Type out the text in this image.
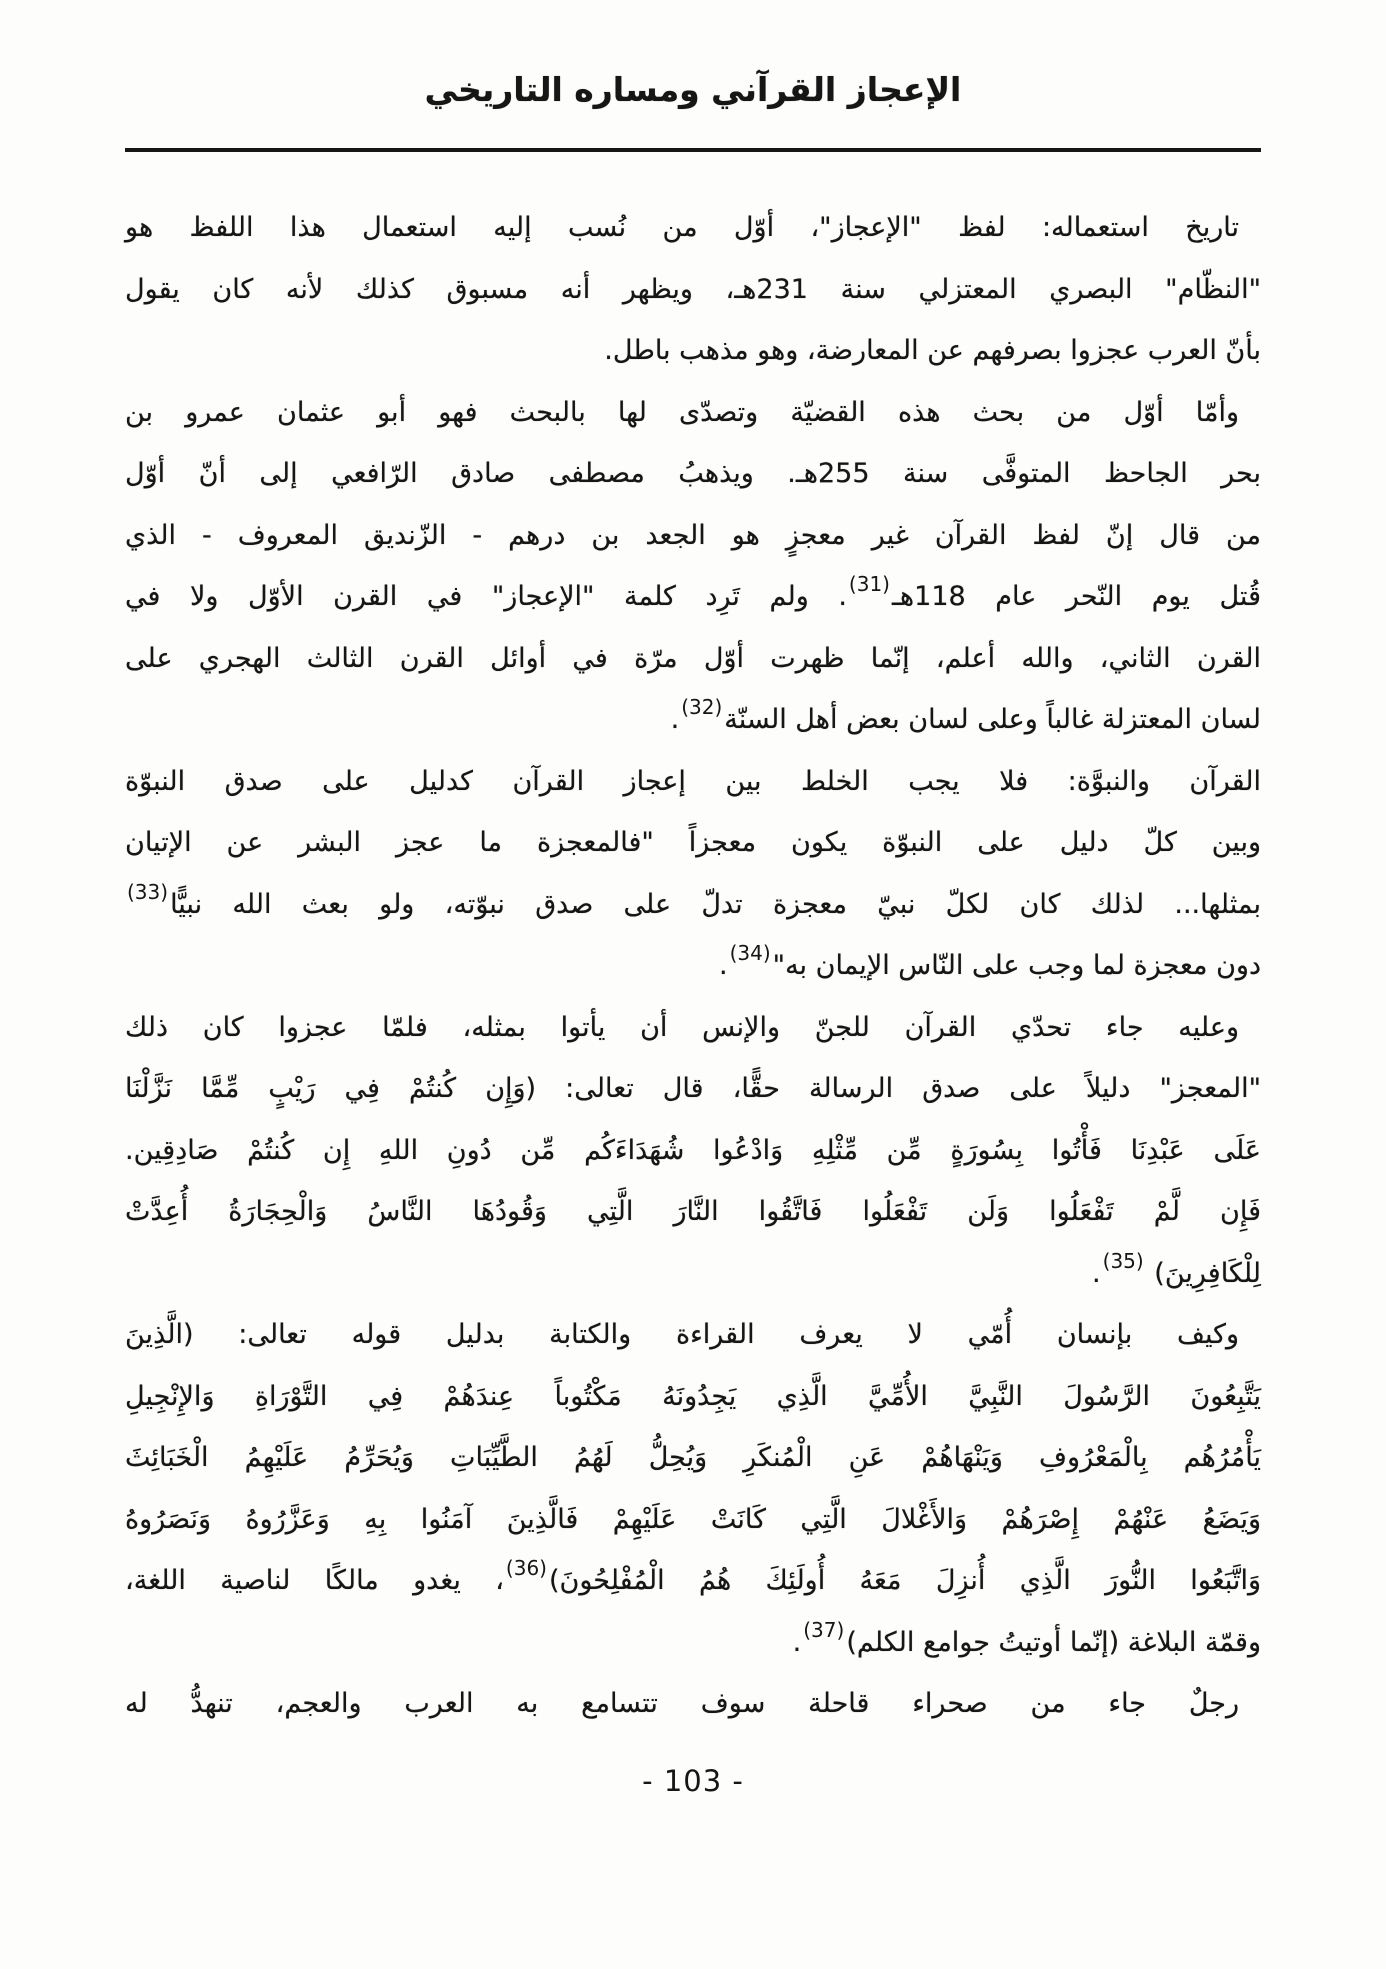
الإعجاز القرآني ومساره التاريخي
تاريخ استعماله: لفظ "الإعجاز"، أوّل من نُسب إليه استعمال هذا اللفظ هو
"النظّام" البصري المعتزلي سنة 231هـ، ويظهر أنه مسبوق كذلك لأنه كان يقول
بأنّ العرب عجزوا بصرفهم عن المعارضة، وهو مذهب باطل.
وأمّا أوّل من بحث هذه القضيّة وتصدّى لها بالبحث فهو أبو عثمان عمرو بن
بحر الجاحظ المتوفَّى سنة 255هـ. ويذهبُ مصطفى صادق الرّافعي إلى أنّ أوّل
من قال إنّ لفظ القرآن غير معجزٍ هو الجعد بن درهم - الزّنديق المعروف - الذي
قُتل يوم النّحر عام 118هـ$^{(31)}$. ولم تَرِد كلمة "الإعجاز" في القرن الأوّل ولا في
القرن الثاني، والله أعلم، إنّما ظهرت أوّل مرّة في أوائل القرن الثالث الهجري على
لسان المعتزلة غالباً وعلى لسان بعض أهل السنّة$^{(32)}$.
القرآن والنبوَّة: فلا يجب الخلط بين إعجاز القرآن كدليل على صدق النبوّة
وبين كلّ دليل على النبوّة يكون معجزاً "فالمعجزة ما عجز البشر عن الإتيان
بمثلها... لذلك كان لكلّ نبيّ معجزة تدلّ على صدق نبوّته، ولو بعث الله نبيًّا$^{(33)}$
دون معجزة لما وجب على النّاس الإيمان به"$^{(34)}$.
وعليه جاء تحدّي القرآن للجنّ والإنس أن يأتوا بمثله، فلمّا عجزوا كان ذلك
"المعجز" دليلاً على صدق الرسالة حقًّا، قال تعالى: (وَإِن كُنتُمْ فِي رَيْبٍ مِّمَّا نَزَّلْنَا
عَلَى عَبْدِنَا فَأْتُوا بِسُورَةٍ مِّن مِّثْلِهِ وَادْعُوا شُهَدَاءَكُم مِّن دُونِ اللهِ إِن كُنتُمْ صَادِقِين.
فَإِن لَّمْ تَفْعَلُوا وَلَن تَفْعَلُوا فَاتَّقُوا النَّارَ الَّتِي وَقُودُهَا النَّاسُ وَالْحِجَارَةُ أُعِدَّتْ
لِلْكَافِرِينَ) $^{(35)}$.
وكيف بإنسان أُمّي لا يعرف القراءة والكتابة بدليل قوله تعالى: (الَّذِينَ
يَتَّبِعُونَ الرَّسُولَ النَّبِيَّ الأُمِّيَّ الَّذِي يَجِدُونَهُ مَكْتُوباً عِندَهُمْ فِي التَّوْرَاةِ وَالإِنْجِيلِ
يَأْمُرُهُم بِالْمَعْرُوفِ وَيَنْهَاهُمْ عَنِ الْمُنكَرِ وَيُحِلُّ لَهُمُ الطَّيِّبَاتِ وَيُحَرِّمُ عَلَيْهِمُ الْخَبَائِثَ
وَيَضَعُ عَنْهُمْ إِصْرَهُمْ وَالأَغْلالَ الَّتِي كَانَتْ عَلَيْهِمْ فَالَّذِينَ آمَنُوا بِهِ وَعَزَّرُوهُ وَنَصَرُوهُ
وَاتَّبَعُوا النُّورَ الَّذِي أُنزِلَ مَعَهُ أُولَئِكَ هُمُ الْمُفْلِحُونَ)$^{(36)}$، يغدو مالكًا لناصية اللغة،
وقمّة البلاغة (إنّما أوتيتُ جوامع الكلم)$^{(37)}$.
رجلٌ جاء من صحراء قاحلة سوف تتسامع به العرب والعجم، تنهدُّ له
- 103 -
